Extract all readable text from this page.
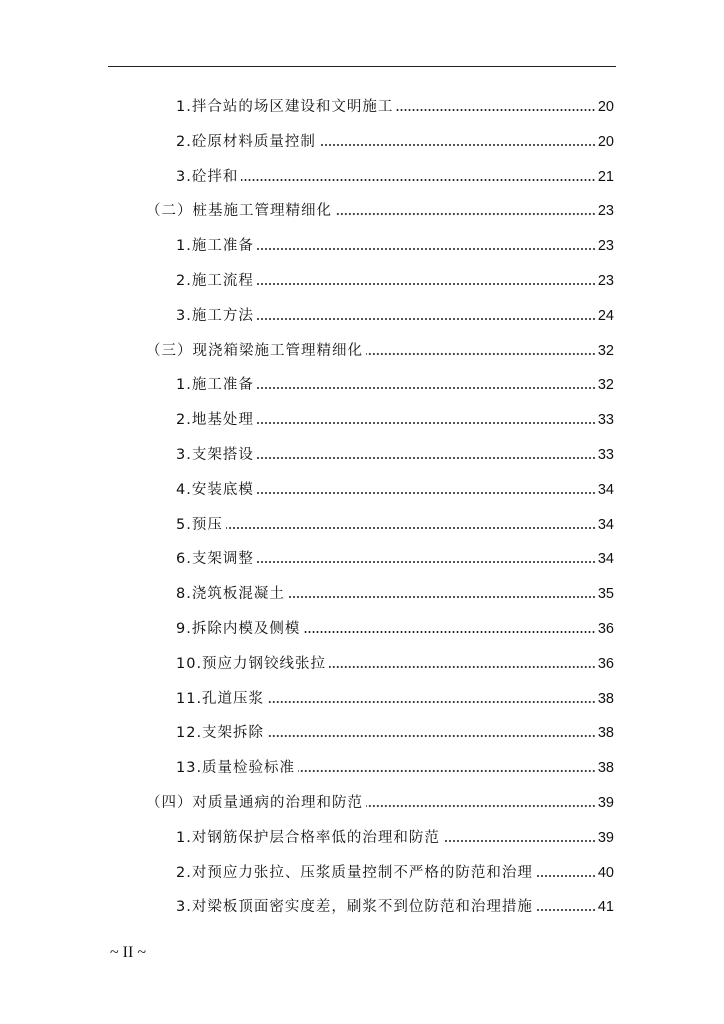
1.拌合站的场区建设和文明施工	20
2.砼原材料质量控制	20
3.砼拌和	21
（二）桩基施工管理精细化	23
1.施工准备	23
2.施工流程	23
3.施工方法	24
（三）现浇箱梁施工管理精细化	32
1.施工准备	32
2.地基处理	33
3.支架搭设	33
4.安装底模	34
5.预压	34
6.支架调整	34
8.浇筑板混凝土	35
9.拆除内模及侧模	36
10.预应力钢铰线张拉	36
11.孔道压浆	38
12.支架拆除	38
13.质量检验标准	38
（四）对质量通病的治理和防范	39
1.对钢筋保护层合格率低的治理和防范	39
2.对预应力张拉、压浆质量控制不严格的防范和治理	40
3.对梁板顶面密实度差，刷浆不到位防范和治理措施	41
~ II ~
